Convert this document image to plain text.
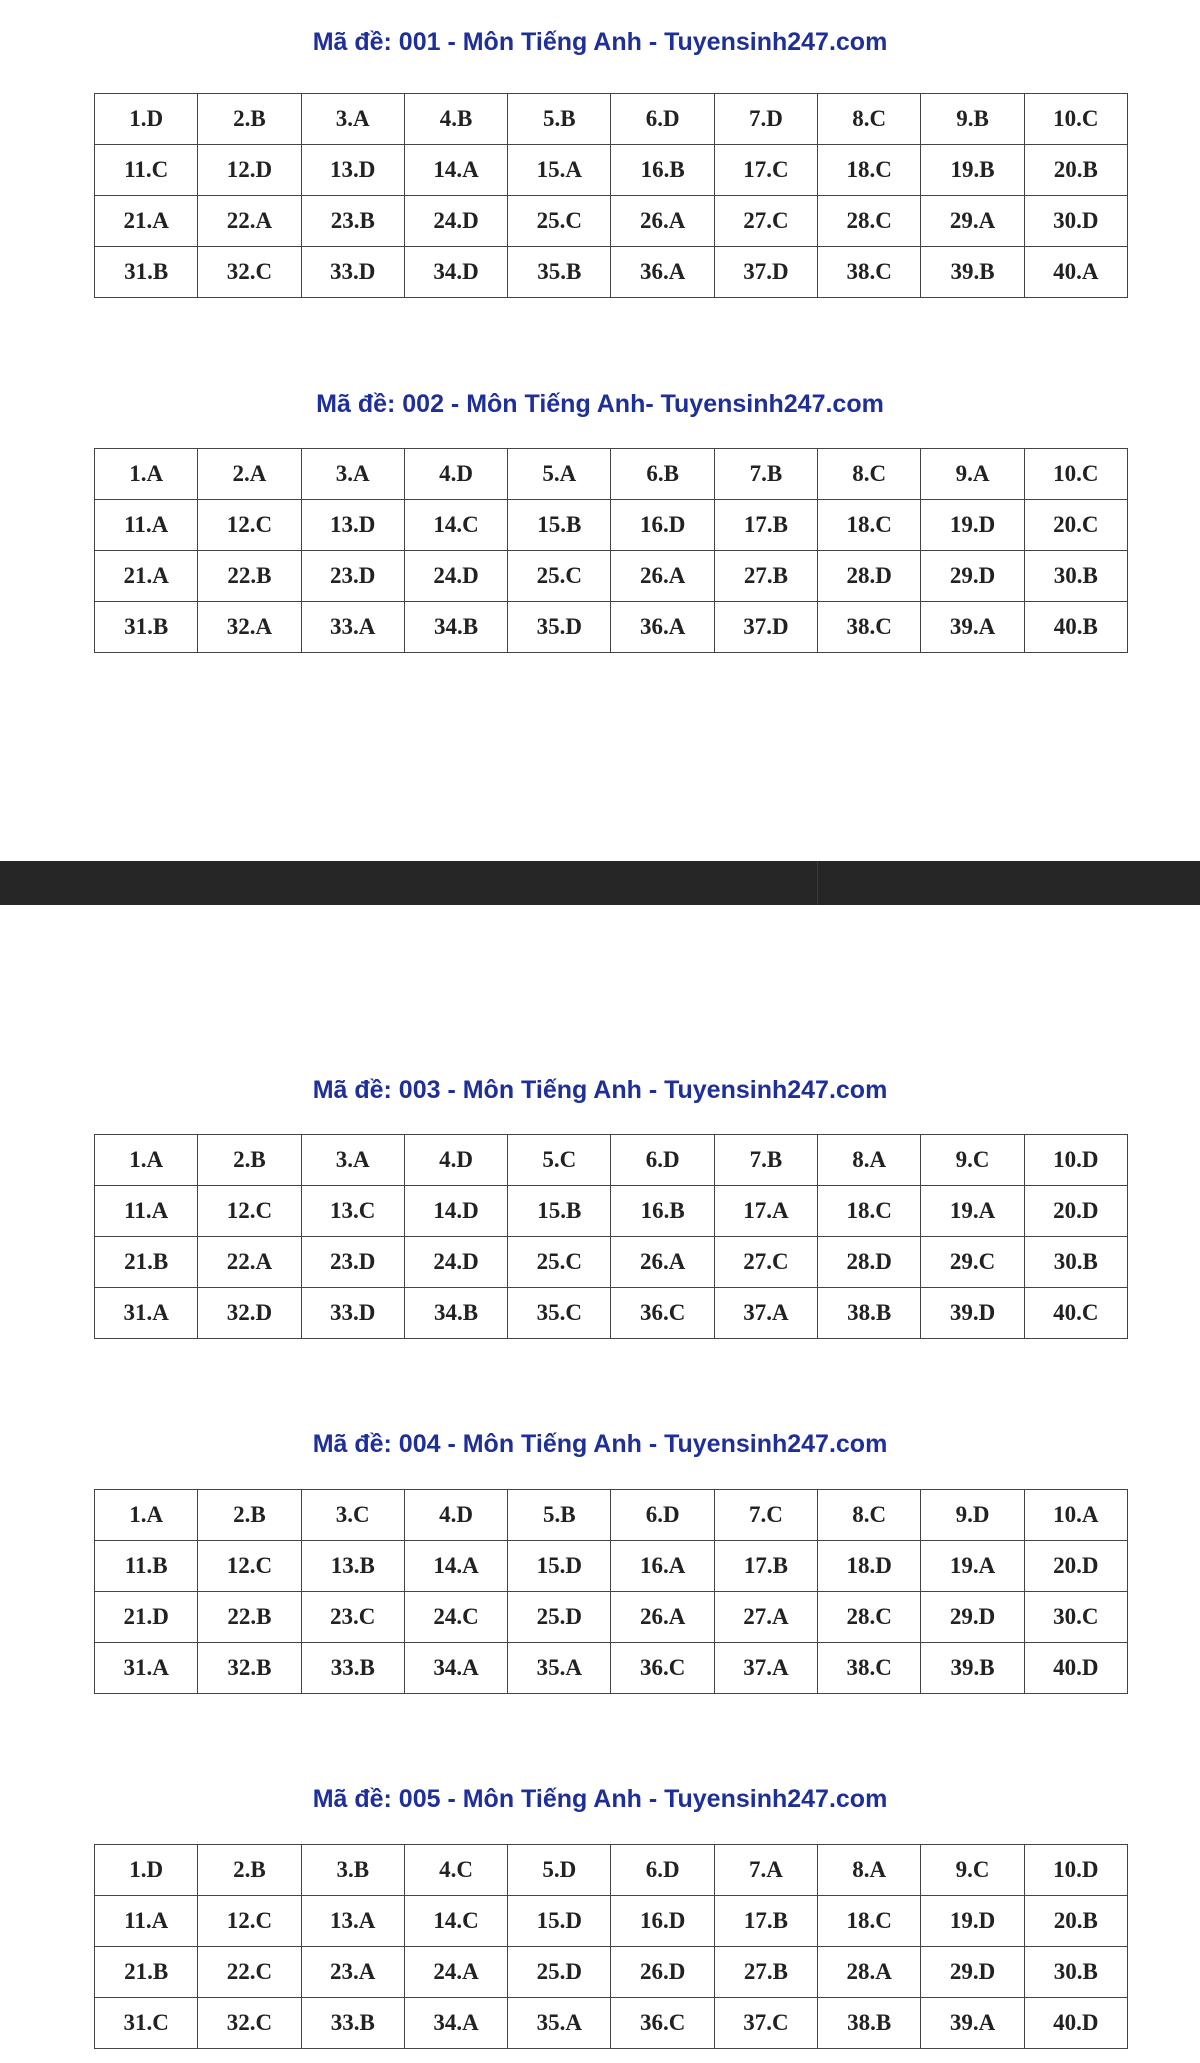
Mã đề: 001 - Môn Tiếng Anh - Tuyensinh247.com
1.D	2.B	3.A	4.B	5.B	6.D	7.D	8.C	9.B	10.C
11.C	12.D	13.D	14.A	15.A	16.B	17.C	18.C	19.B	20.B
21.A	22.A	23.B	24.D	25.C	26.A	27.C	28.C	29.A	30.D
31.B	32.C	33.D	34.D	35.B	36.A	37.D	38.C	39.B	40.A
Mã đề: 002 - Môn Tiếng Anh- Tuyensinh247.com
1.A	2.A	3.A	4.D	5.A	6.B	7.B	8.C	9.A	10.C
11.A	12.C	13.D	14.C	15.B	16.D	17.B	18.C	19.D	20.C
21.A	22.B	23.D	24.D	25.C	26.A	27.B	28.D	29.D	30.B
31.B	32.A	33.A	34.B	35.D	36.A	37.D	38.C	39.A	40.B
Mã đề: 003 - Môn Tiếng Anh - Tuyensinh247.com
1.A	2.B	3.A	4.D	5.C	6.D	7.B	8.A	9.C	10.D
11.A	12.C	13.C	14.D	15.B	16.B	17.A	18.C	19.A	20.D
21.B	22.A	23.D	24.D	25.C	26.A	27.C	28.D	29.C	30.B
31.A	32.D	33.D	34.B	35.C	36.C	37.A	38.B	39.D	40.C
Mã đề: 004 - Môn Tiếng Anh - Tuyensinh247.com
1.A	2.B	3.C	4.D	5.B	6.D	7.C	8.C	9.D	10.A
11.B	12.C	13.B	14.A	15.D	16.A	17.B	18.D	19.A	20.D
21.D	22.B	23.C	24.C	25.D	26.A	27.A	28.C	29.D	30.C
31.A	32.B	33.B	34.A	35.A	36.C	37.A	38.C	39.B	40.D
Mã đề: 005 - Môn Tiếng Anh - Tuyensinh247.com
1.D	2.B	3.B	4.C	5.D	6.D	7.A	8.A	9.C	10.D
11.A	12.C	13.A	14.C	15.D	16.D	17.B	18.C	19.D	20.B
21.B	22.C	23.A	24.A	25.D	26.D	27.B	28.A	29.D	30.B
31.C	32.C	33.B	34.A	35.A	36.C	37.C	38.B	39.A	40.D
